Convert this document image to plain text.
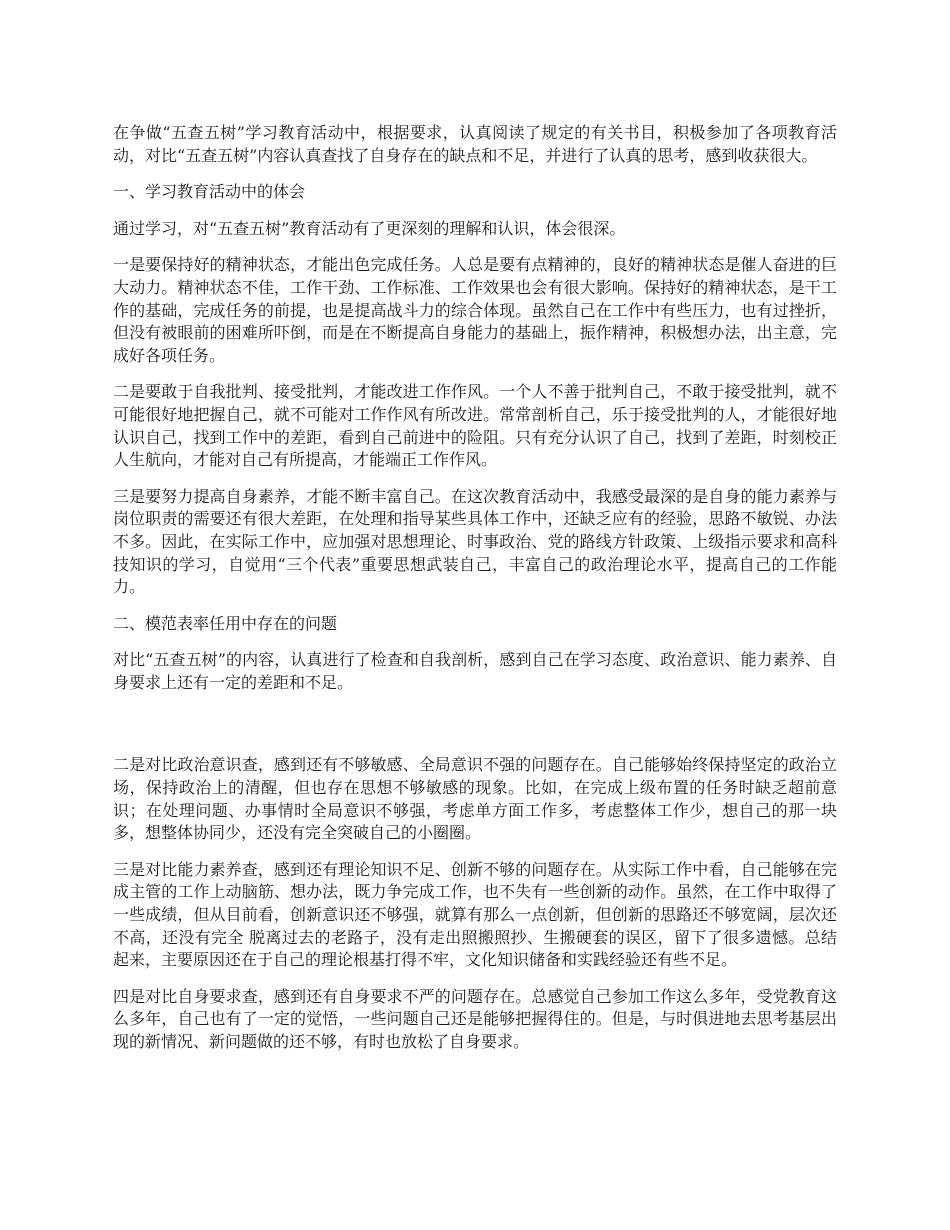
在争做“五查五树”学习教育活动中，根据要求，认真阅读了规定的有关书目，积极参加了各项教育活动，对比“五查五树”内容认真查找了自身存在的缺点和不足，并进行了认真的思考，感到收获很大。

一、学习教育活动中的体会

通过学习，对“五查五树”教育活动有了更深刻的理解和认识，体会很深。

一是要保持好的精神状态，才能出色完成任务。人总是要有点精神的，良好的精神状态是催人奋进的巨大动力。精神状态不佳，工作干劲、工作标准、工作效果也会有很大影响。保持好的精神状态，是干工作的基础，完成任务的前提，也是提高战斗力的综合体现。虽然自己在工作中有些压力，也有过挫折，但没有被眼前的困难所吓倒，而是在不断提高自身能力的基础上，振作精神，积极想办法，出主意，完成好各项任务。

二是要敢于自我批判、接受批判，才能改进工作作风。一个人不善于批判自己，不敢于接受批判，就不可能很好地把握自己，就不可能对工作作风有所改进。常常剖析自己，乐于接受批判的人，才能很好地认识自己，找到工作中的差距，看到自己前进中的险阻。只有充分认识了自己，找到了差距，时刻校正人生航向，才能对自己有所提高，才能端正工作作风。

三是要努力提高自身素养，才能不断丰富自己。在这次教育活动中，我感受最深的是自身的能力素养与岗位职责的需要还有很大差距，在处理和指导某些具体工作中，还缺乏应有的经验，思路不敏锐、办法不多。因此，在实际工作中，应加强对思想理论、时事政治、党的路线方针政策、上级指示要求和高科技知识的学习，自觉用“三个代表”重要思想武装自己，丰富自己的政治理论水平，提高自己的工作能力。

二、模范表率任用中存在的问题

对比“五查五树”的内容，认真进行了检查和自我剖析，感到自己在学习态度、政治意识、能力素养、自身要求上还有一定的差距和不足。

二是对比政治意识查，感到还有不够敏感、全局意识不强的问题存在。自己能够始终保持坚定的政治立场，保持政治上的清醒，但也存在思想不够敏感的现象。比如，在完成上级布置的任务时缺乏超前意识；在处理问题、办事情时全局意识不够强，考虑单方面工作多，考虑整体工作少，想自己的那一块多，想整体协同少，还没有完全突破自己的小圈圈。

三是对比能力素养查，感到还有理论知识不足、创新不够的问题存在。从实际工作中看，自己能够在完成主管的工作上动脑筋、想办法，既力争完成工作，也不失有一些创新的动作。虽然，在工作中取得了一些成绩，但从目前看，创新意识还不够强，就算有那么一点创新，但创新的思路还不够宽阔，层次还不高，还没有完全 脱离过去的老路子，没有走出照搬照抄、生搬硬套的误区，留下了很多遗憾。总结起来，主要原因还在于自己的理论根基打得不牢，文化知识储备和实践经验还有些不足。

四是对比自身要求查，感到还有自身要求不严的问题存在。总感觉自己参加工作这么多年，受党教育这么多年，自己也有了一定的觉悟，一些问题自己还是能够把握得住的。但是，与时俱进地去思考基层出现的新情况、新问题做的还不够，有时也放松了自身要求。
